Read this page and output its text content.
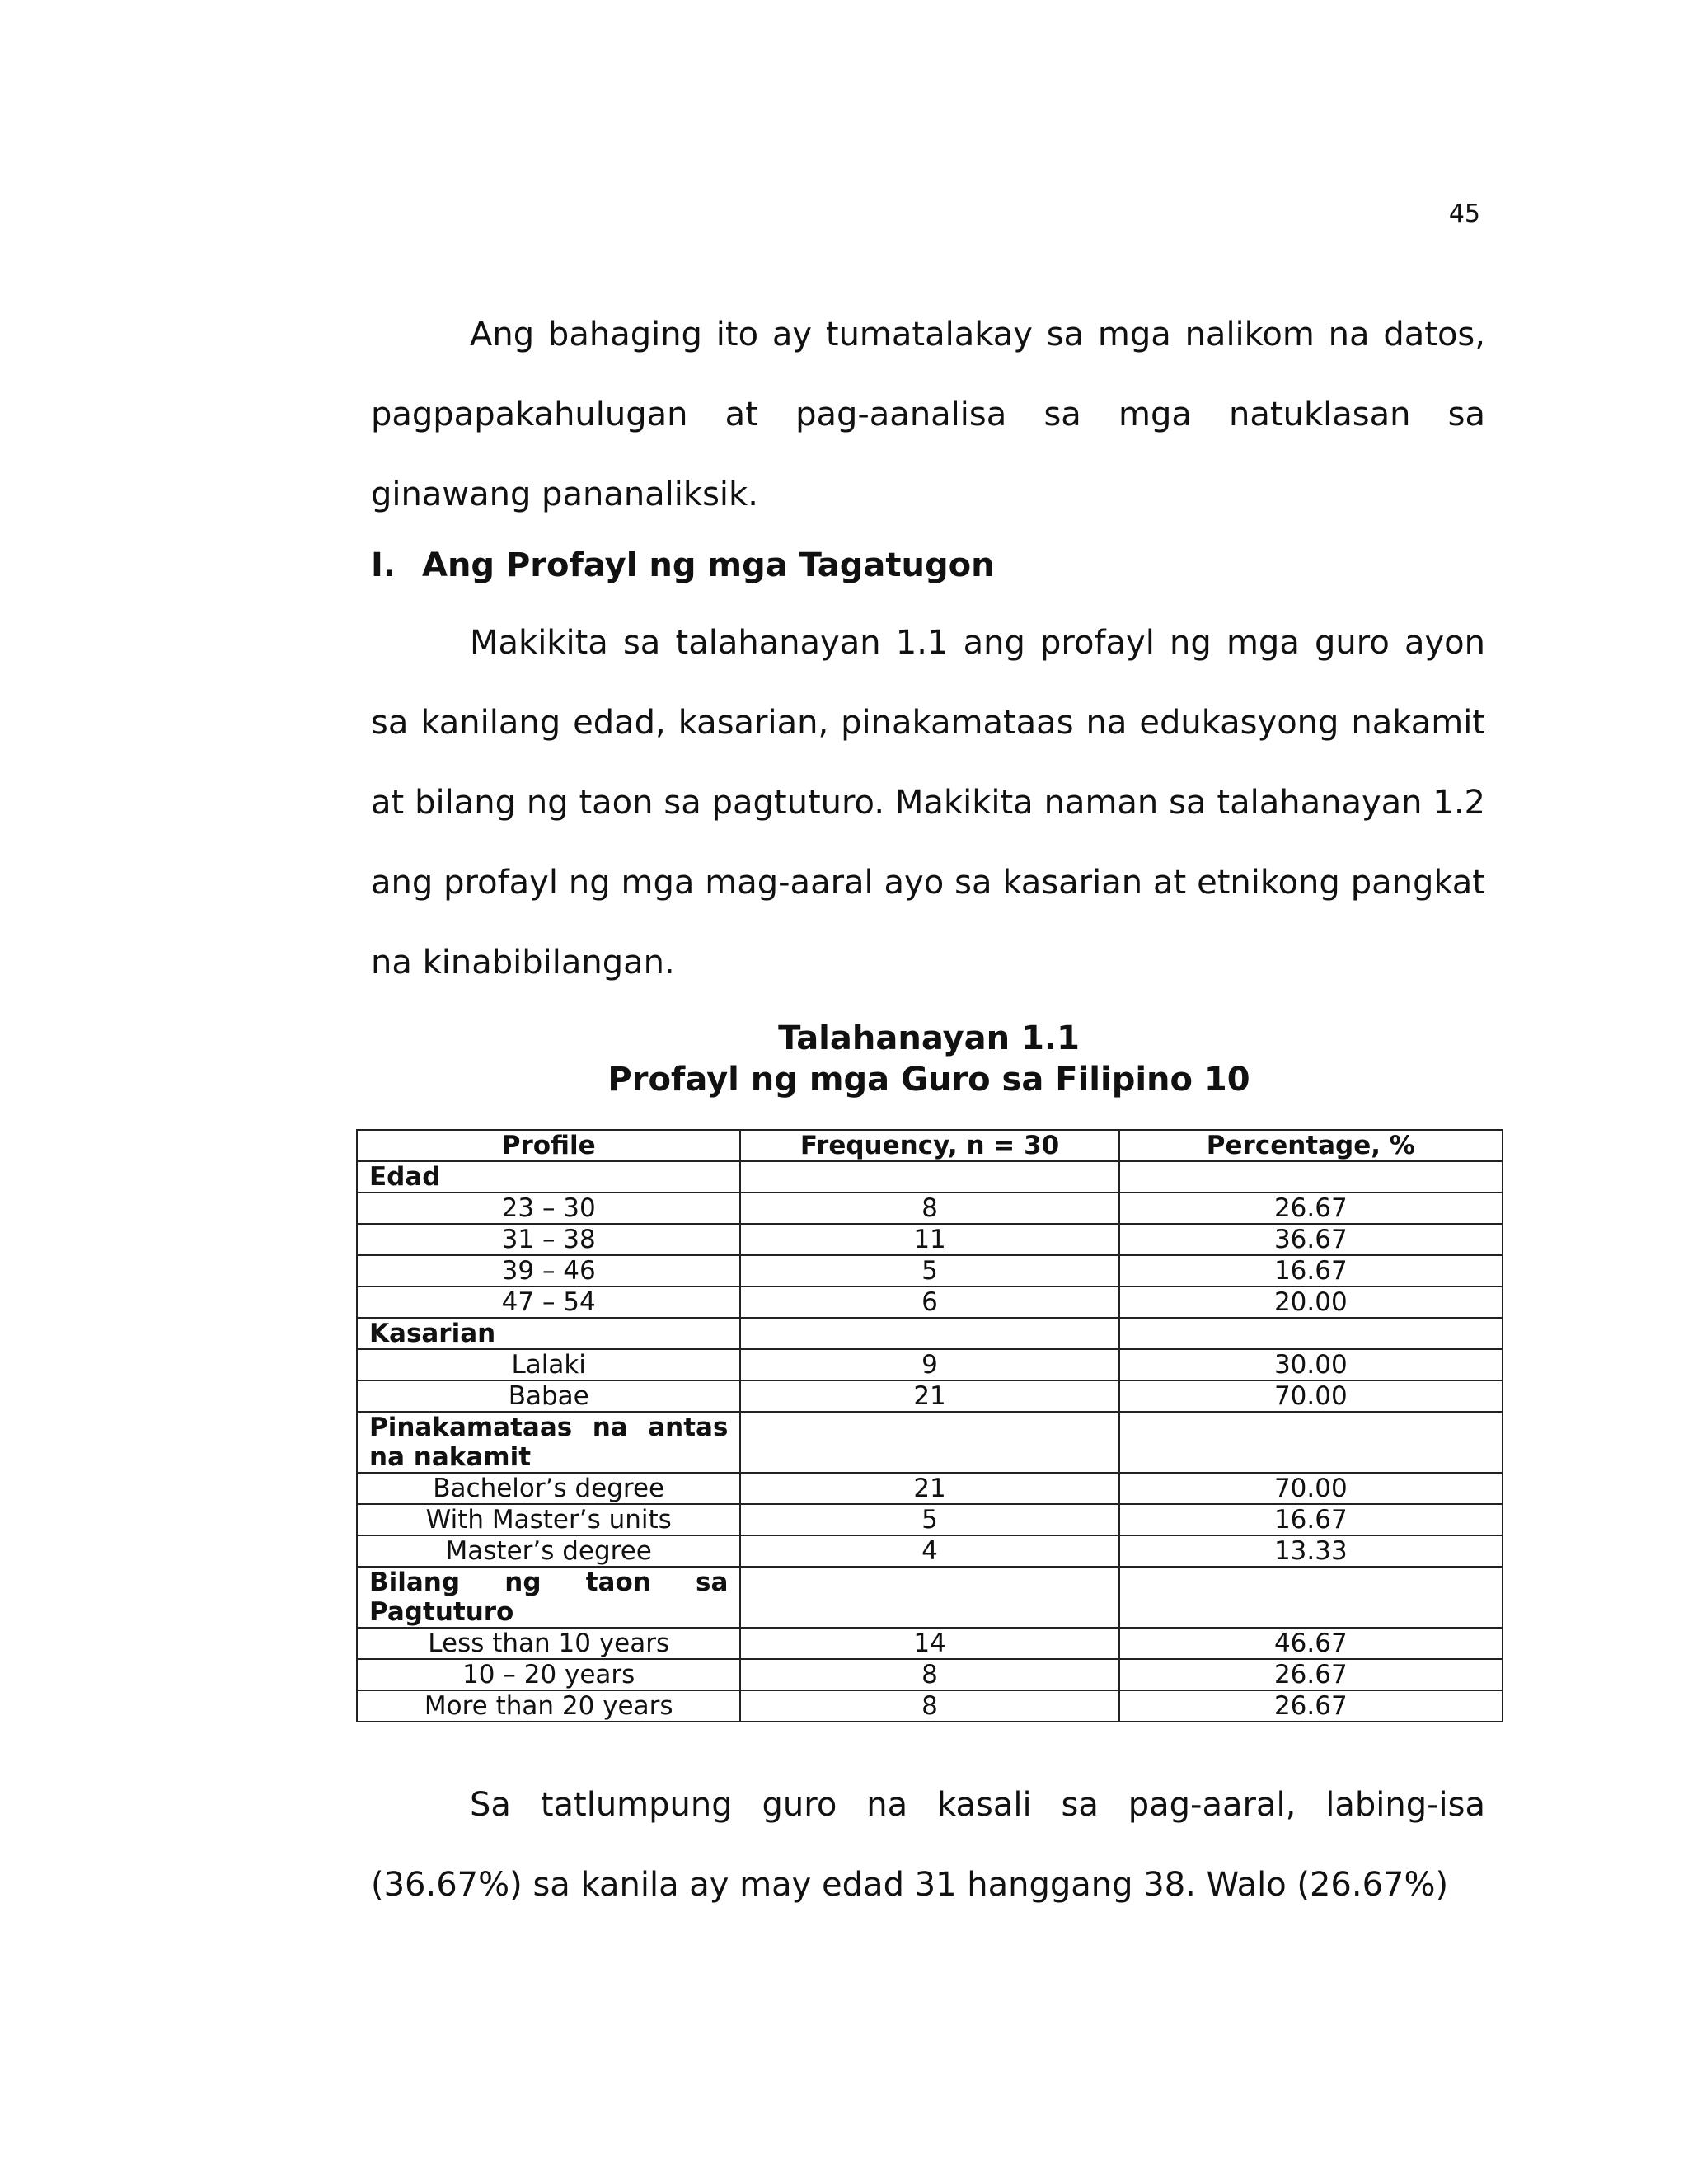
45

Ang bahaging ito ay tumatalakay sa mga nalikom na datos, pagpapakahulugan at pag-aanalisa sa mga natuklasan sa ginawang pananaliksik.

I. Ang Profayl ng mga Tagatugon

Makikita sa talahanayan 1.1 ang profayl ng mga guro ayon sa kanilang edad, kasarian, pinakamataas na edukasyong nakamit at bilang ng taon sa pagtuturo. Makikita naman sa talahanayan 1.2 ang profayl ng mga mag-aaral ayo sa kasarian at etnikong pangkat na kinabibilangan.

Talahanayan 1.1
Profayl ng mga Guro sa Filipino 10
Profile	Frequency, n = 30	Percentage, %
Edad		
23 – 30	8	26.67
31 – 38	11	36.67
39 – 46	5	16.67
47 – 54	6	20.00
Kasarian		
Lalaki	9	30.00
Babae	21	70.00
Pinakamataas na antas na nakamit		
Bachelor’s degree	21	70.00
With Master’s units	5	16.67
Master’s degree	4	13.33
Bilang ng taon sa Pagtuturo		
Less than 10 years	14	46.67
10 – 20 years	8	26.67
More than 20 years	8	26.67

Sa tatlumpung guro na kasali sa pag-aaral, labing-isa (36.67%) sa kanila ay may edad 31 hanggang 38. Walo (26.67%)
